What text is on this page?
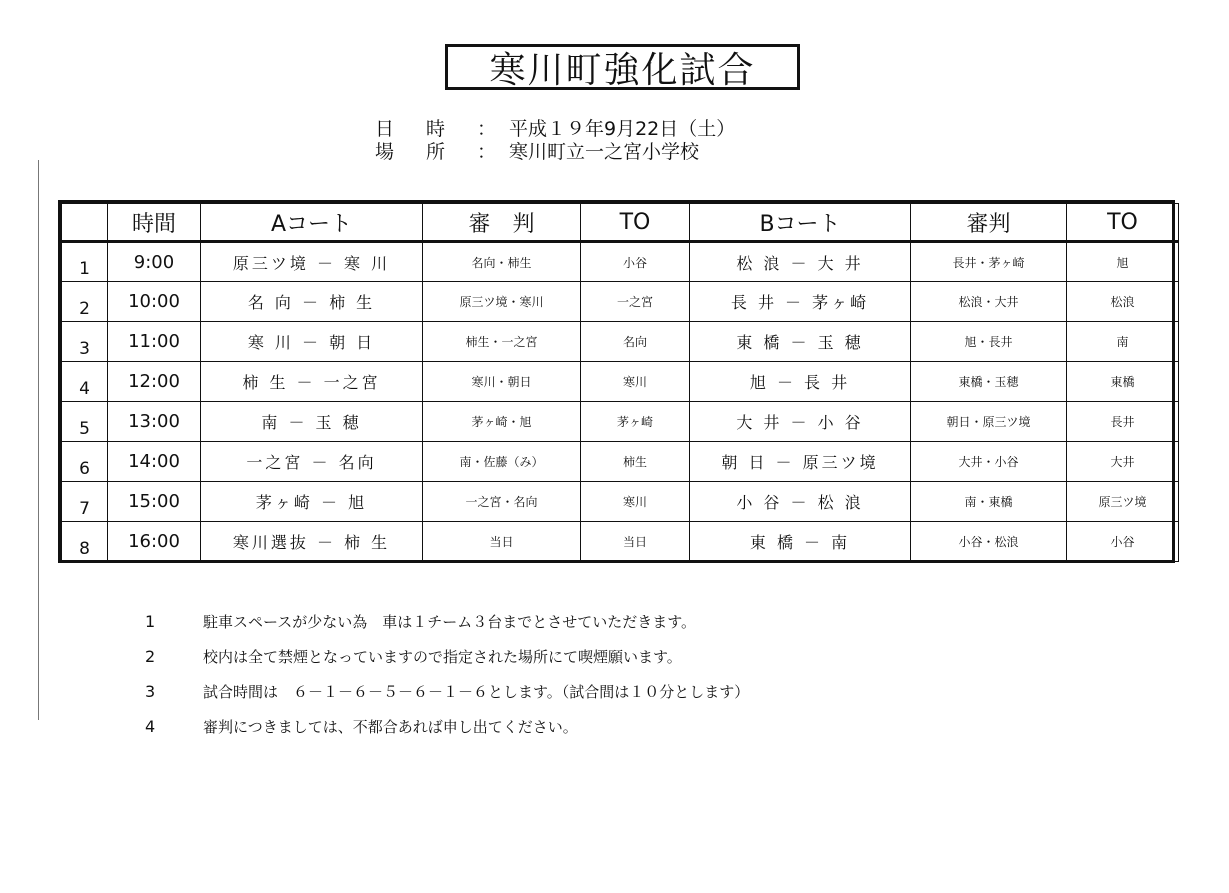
寒川町強化試合
日 時 ： 平成１９年9月22日（土）
場 所 ： 寒川町立一之宮小学校
	時間	Aコート	審　判	TO	Bコート	審判	TO
1	9:00	原三ツ境 － 寒 川	名向・柿生	小谷	松 浪 － 大 井	長井・茅ヶ崎	旭
2	10:00	名 向 － 柿 生	原三ツ境・寒川	一之宮	長 井 － 茅ヶ崎	松浪・大井	松浪
3	11:00	寒 川 － 朝 日	柿生・一之宮	名向	東 橋 － 玉 穂	旭・長井	南
4	12:00	柿 生 － 一之宮	寒川・朝日	寒川	旭 － 長 井	東橋・玉穂	東橋
5	13:00	南 － 玉 穂	茅ヶ崎・旭	茅ヶ崎	大 井 － 小 谷	朝日・原三ツ境	長井
6	14:00	一之宮 － 名向	南・佐藤（み）	柿生	朝 日 － 原三ツ境	大井・小谷	大井
7	15:00	茅ヶ崎 － 旭	一之宮・名向	寒川	小 谷 － 松 浪	南・東橋	原三ツ境
8	16:00	寒川選抜 － 柿 生	当日	当日	東 橋 － 南	小谷・松浪	小谷
1	駐車スペースが少ない為　車は１チーム３台までとさせていただきます。
2	校内は全て禁煙となっていますので指定された場所にて喫煙願います。
3	試合時間は　６－１－６－５－６－１－６とします。（試合間は１０分とします）
4	審判につきましては、不都合あれば申し出てください。
